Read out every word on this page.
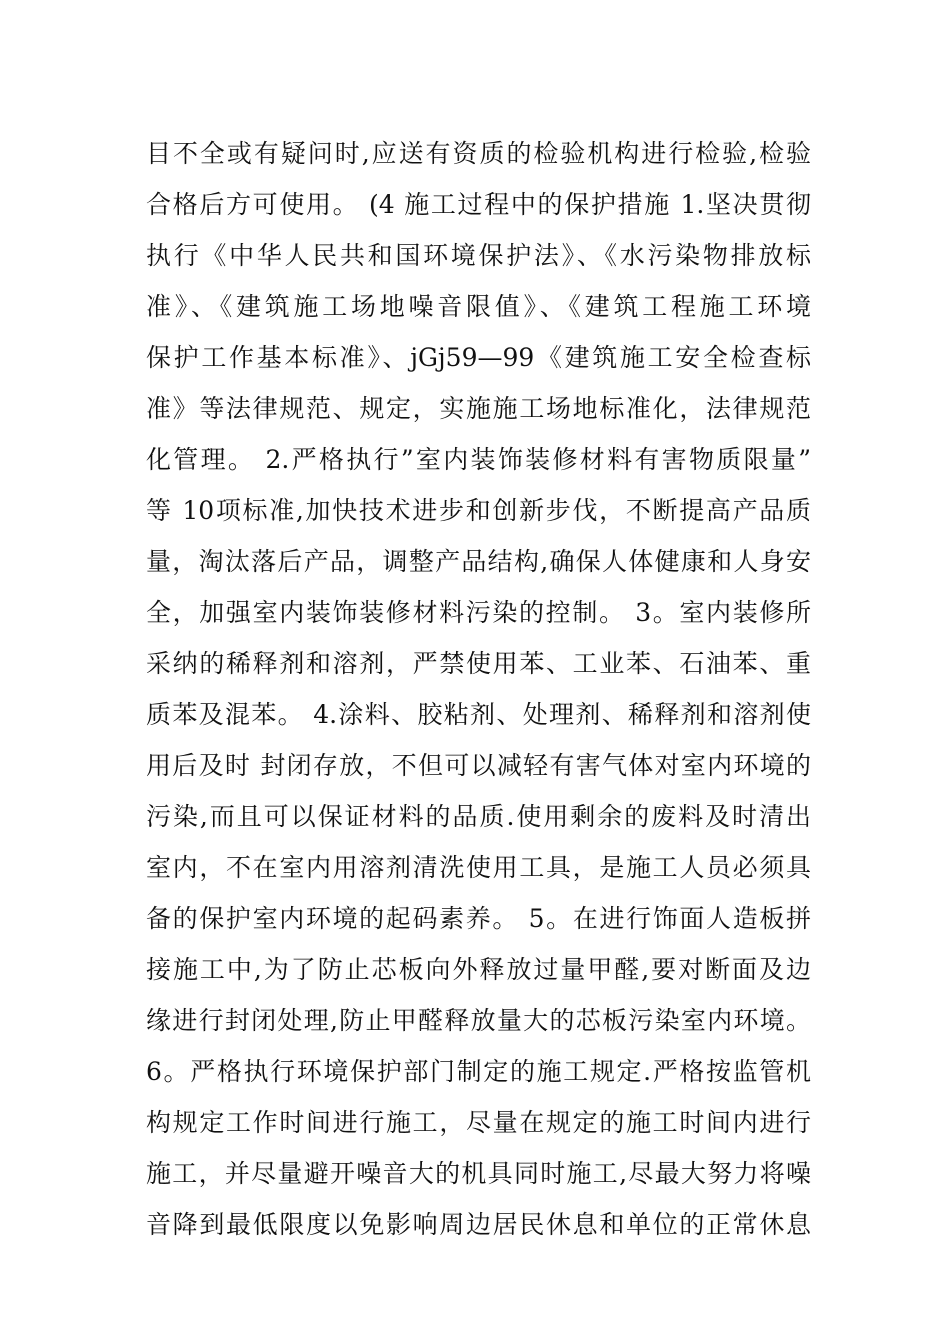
目不全或有疑问时,应送有资质的检验机构进行检验,检验
合格后方可使用。 (4 施工过程中的保护措施 1.坚决贯彻
执行《中华人民共和国环境保护法》、《水污染物排放标
准》、《建筑施工场地噪音限值》、《建筑工程施工环境
保护工作基本标准》、jGj59—99《建筑施工安全检查标
准》等法律规范、规定，实施施工场地标准化，法律规范
化管理。 2.严格执行”室内装饰装修材料有害物质限量”
等 10项标准,加快技术进步和创新步伐，不断提高产品质
量，淘汰落后产品，调整产品结构,确保人体健康和人身安
全，加强室内装饰装修材料污染的控制。 3。室内装修所
采纳的稀释剂和溶剂，严禁使用苯、工业苯、石油苯、重
质苯及混苯。 4.涂料、胶粘剂、处理剂、稀释剂和溶剂使
用后及时 封闭存放，不但可以减轻有害气体对室内环境的
污染,而且可以保证材料的品质.使用剩余的废料及时清出
室内，不在室内用溶剂清洗使用工具，是施工人员必须具
备的保护室内环境的起码素养。 5。在进行饰面人造板拼
接施工中,为了防止芯板向外释放过量甲醛,要对断面及边
缘进行封闭处理,防止甲醛释放量大的芯板污染室内环境。
6。严格执行环境保护部门制定的施工规定.严格按监管机
构规定工作时间进行施工，尽量在规定的施工时间内进行
施工，并尽量避开噪音大的机具同时施工,尽最大努力将噪
音降到最低限度以免影响周边居民休息和单位的正常休息
